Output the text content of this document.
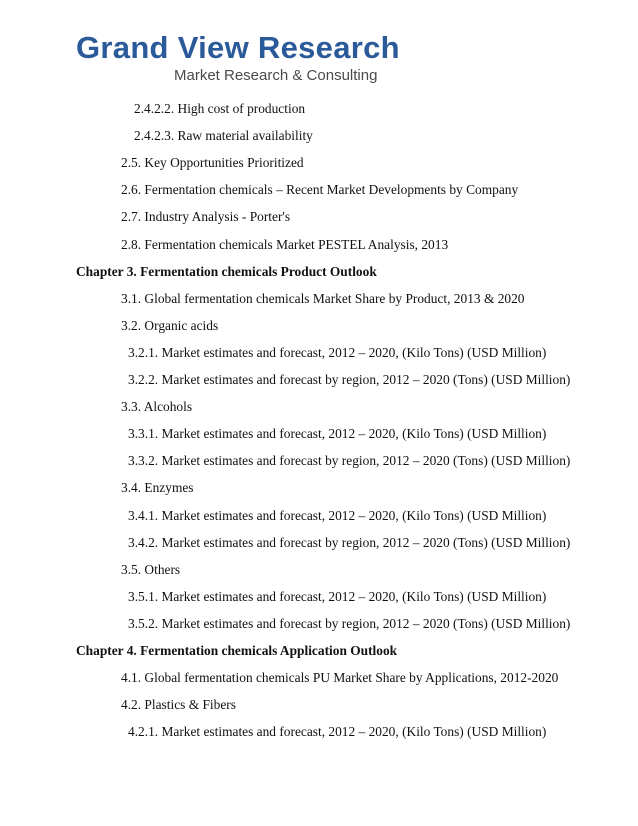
Grand View Research
Market Research & Consulting
2.4.2.2. High cost of production
2.4.2.3. Raw material availability
2.5. Key Opportunities Prioritized
2.6. Fermentation chemicals – Recent Market Developments by Company
2.7. Industry Analysis - Porter's
2.8. Fermentation chemicals Market PESTEL Analysis, 2013
Chapter 3. Fermentation chemicals Product Outlook
3.1. Global fermentation chemicals Market Share by Product, 2013 & 2020
3.2. Organic acids
3.2.1. Market estimates and forecast, 2012 – 2020, (Kilo Tons) (USD Million)
3.2.2. Market estimates and forecast by region, 2012 – 2020 (Tons) (USD Million)
3.3. Alcohols
3.3.1. Market estimates and forecast, 2012 – 2020, (Kilo Tons) (USD Million)
3.3.2. Market estimates and forecast by region, 2012 – 2020 (Tons) (USD Million)
3.4. Enzymes
3.4.1. Market estimates and forecast, 2012 – 2020, (Kilo Tons) (USD Million)
3.4.2. Market estimates and forecast by region, 2012 – 2020 (Tons) (USD Million)
3.5. Others
3.5.1. Market estimates and forecast, 2012 – 2020, (Kilo Tons) (USD Million)
3.5.2. Market estimates and forecast by region, 2012 – 2020 (Tons) (USD Million)
Chapter 4. Fermentation chemicals Application Outlook
4.1. Global fermentation chemicals PU Market Share by Applications, 2012-2020
4.2. Plastics & Fibers
4.2.1. Market estimates and forecast, 2012 – 2020, (Kilo Tons) (USD Million)
